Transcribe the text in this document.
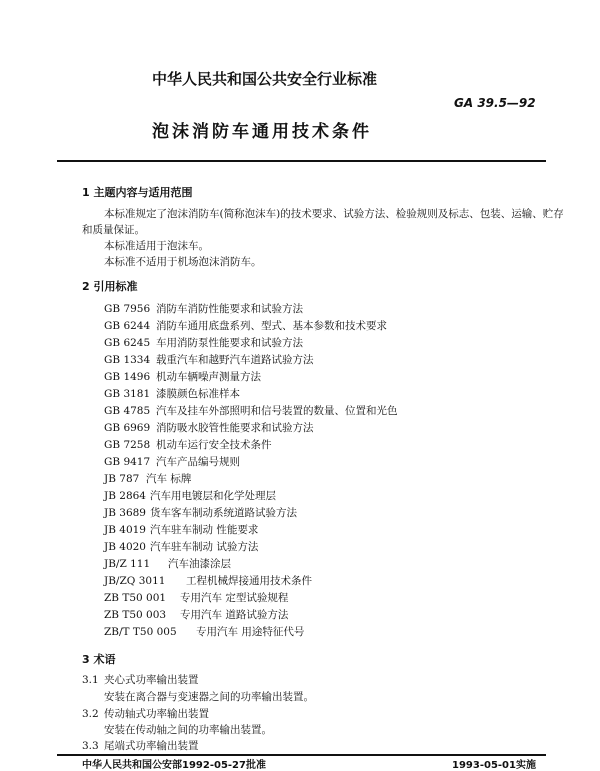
中华人民共和国公共安全行业标准
GA 39.5—92
泡沫消防车通用技术条件
1 主题内容与适用范围
本标准规定了泡沫消防车(简称泡沫车)的技术要求、试验方法、检验规则及标志、包装、运输、贮存
和质量保证。
本标准适用于泡沫车。
本标准不适用于机场泡沫消防车。
2 引用标准
GB 7956 消防车消防性能要求和试验方法
GB 6244 消防车通用底盘系列、型式、基本参数和技术要求
GB 6245 车用消防泵性能要求和试验方法
GB 1334 载重汽车和越野汽车道路试验方法
GB 1496 机动车辆噪声测量方法
GB 3181 漆膜颜色标准样本
GB 4785 汽车及挂车外部照明和信号装置的数量、位置和光色
GB 6969 消防吸水胶管性能要求和试验方法
GB 7258 机动车运行安全技术条件
GB 9417 汽车产品编号规则
JB 787 汽车 标牌
JB 2864 汽车用电镀层和化学处理层
JB 3689 货车客车制动系统道路试验方法
JB 4019 汽车驻车制动 性能要求
JB 4020 汽车驻车制动 试验方法
JB/Z 111 汽车油漆涂层
JB/ZQ 3011 工程机械焊接通用技术条件
ZB T50 001 专用汽车 定型试验规程
ZB T50 003 专用汽车 道路试验方法
ZB/T T50 005 专用汽车 用途特征代号
3 术语
3.1 夹心式功率输出装置
安装在离合器与变速器之间的功率输出装置。
3.2 传动轴式功率输出装置
安装在传动轴之间的功率输出装置。
3.3 尾端式功率输出装置
中华人民共和国公安部1992-05-27批准	1993-05-01实施
